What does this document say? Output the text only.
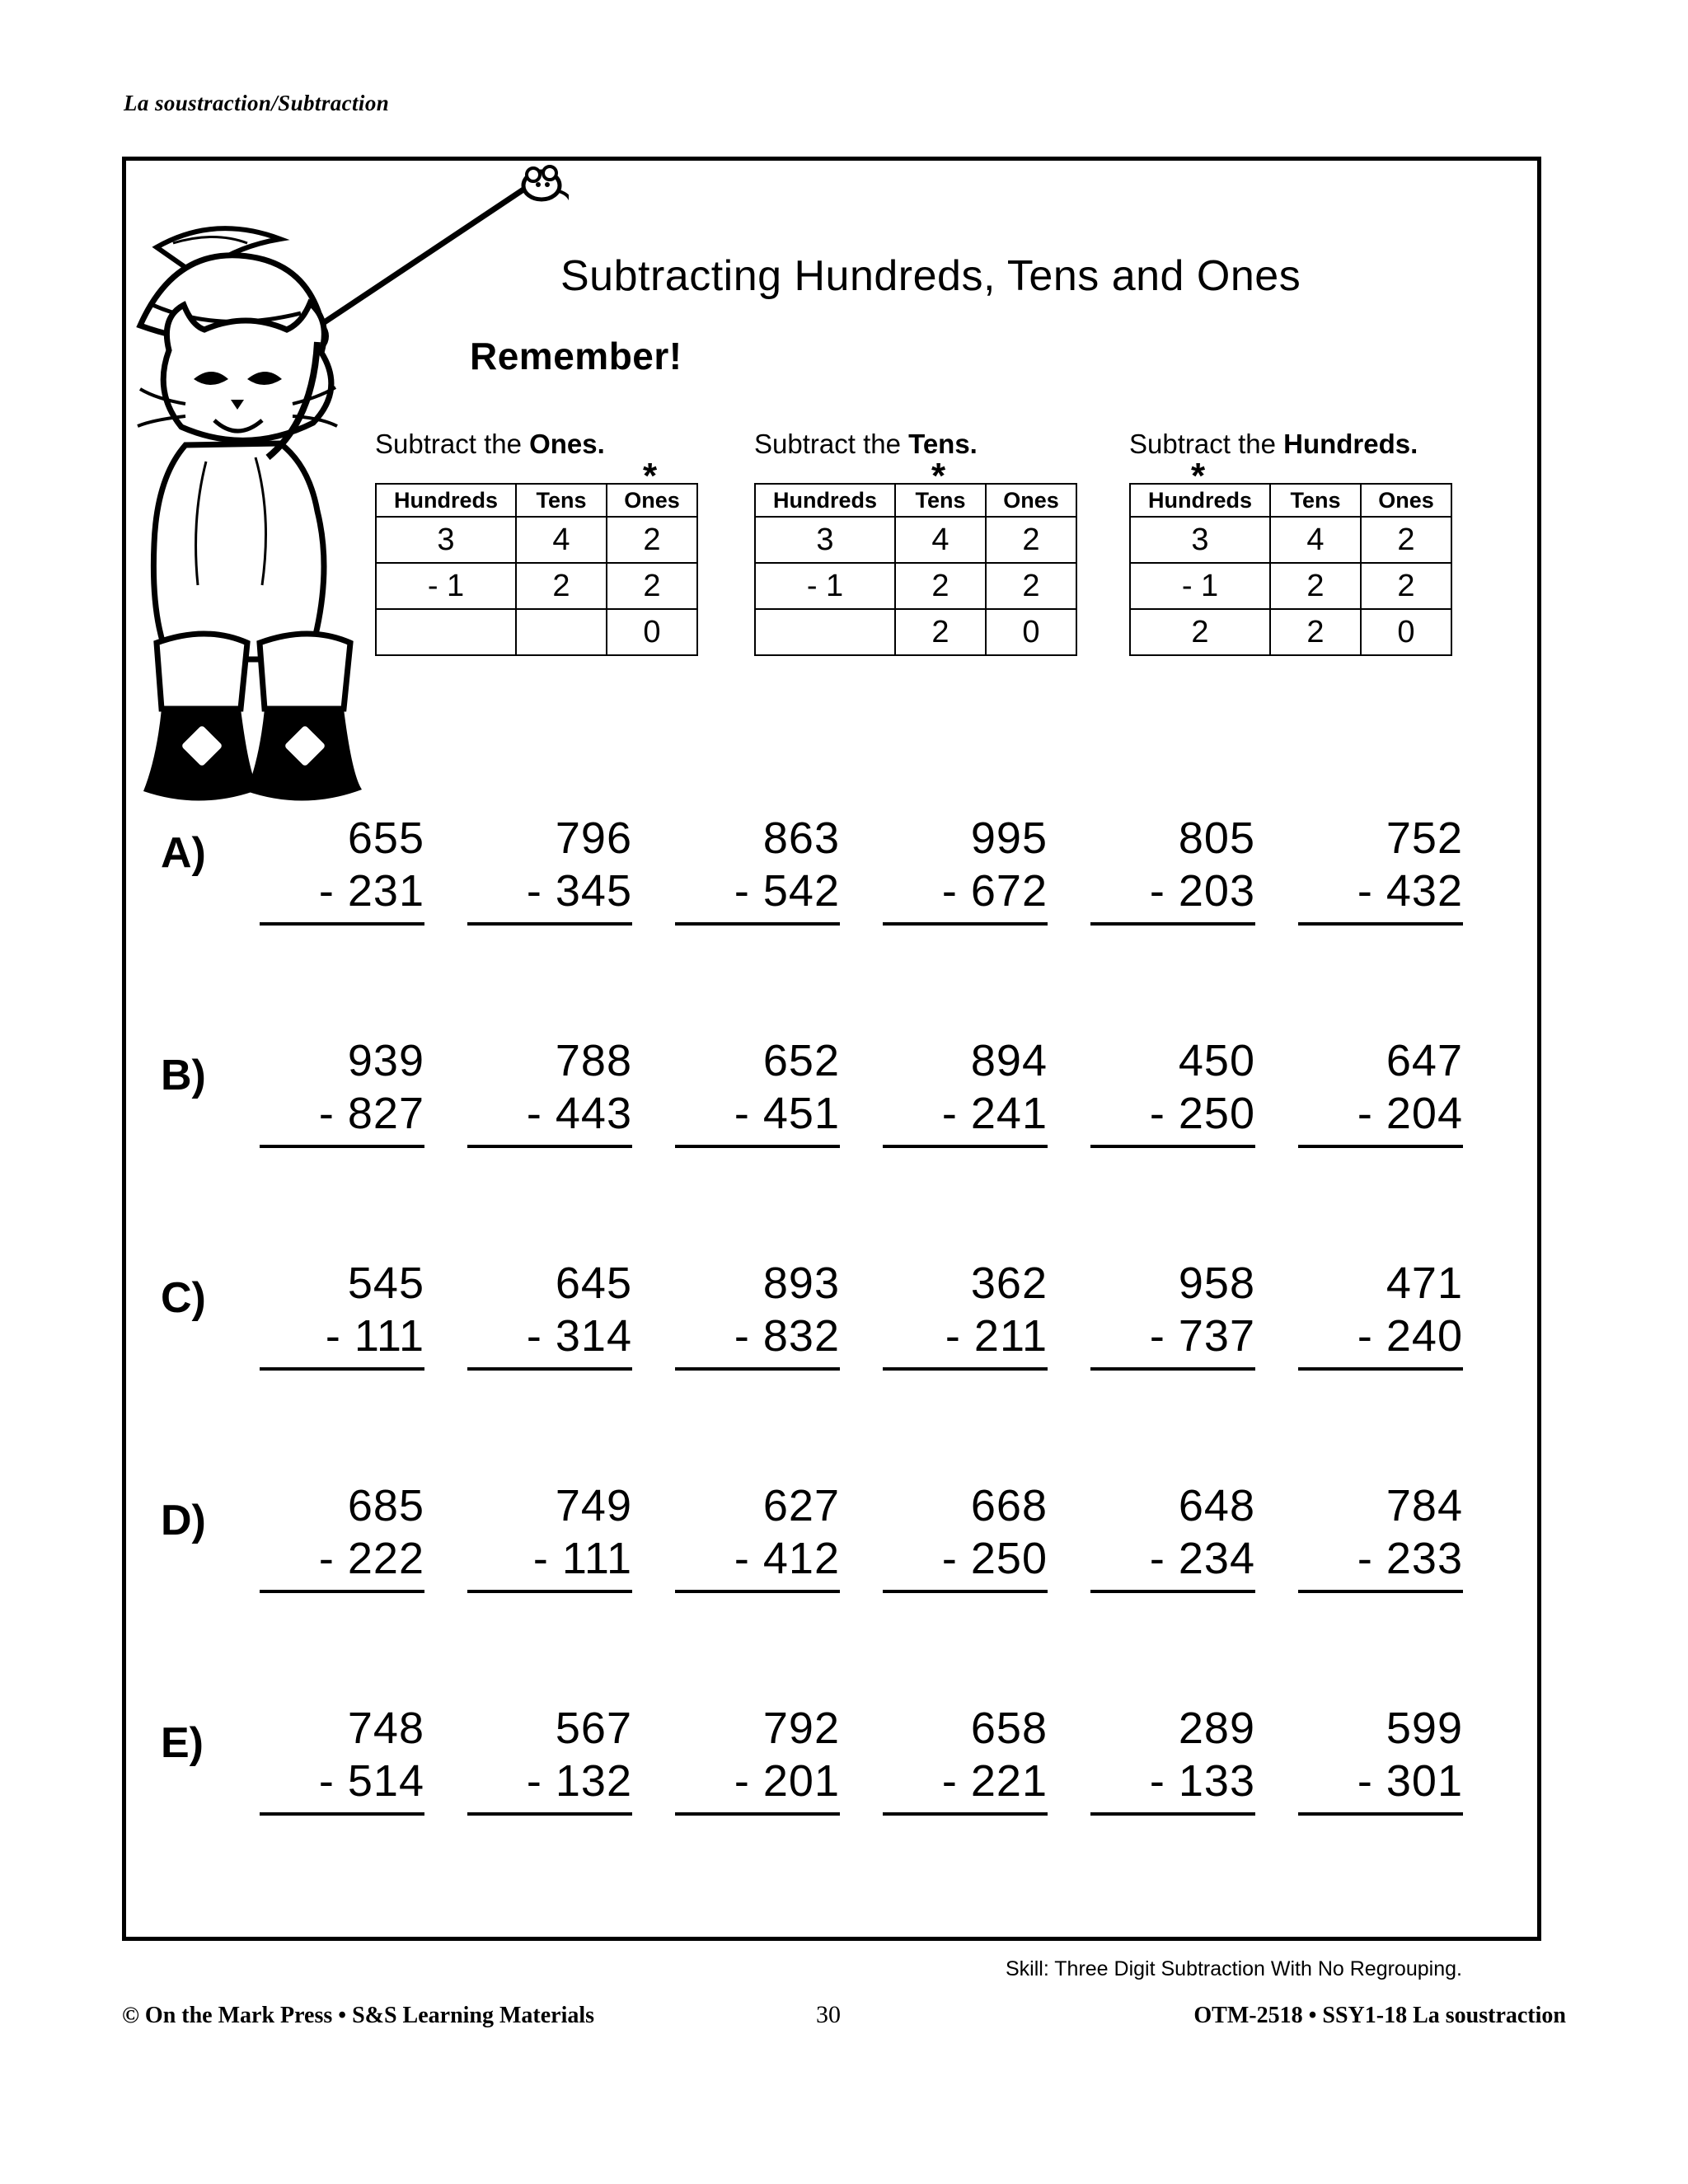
La soustraction/Subtraction
Subtracting Hundreds, Tens and Ones
Remember!
Subtract the Ones.
*
Hundreds	Tens	Ones
3	4	2
- 1	2	2
		0
Subtract the Tens.
*
Hundreds	Tens	Ones
3	4	2
- 1	2	2
	2	0
Subtract the Hundreds.
*
Hundreds	Tens	Ones
3	4	2
- 1	2	2
2	2	0
A)	655
- 231
796
- 345
863
- 542
995
- 672
805
- 203
752
- 432
B)	939
- 827
788
- 443
652
- 451
894
- 241
450
- 250
647
- 204
C)	545
- 111
645
- 314
893
- 832
362
- 211
958
- 737
471
- 240
D)	685
- 222
749
- 111
627
- 412
668
- 250
648
- 234
784
- 233
E)	748
- 514
567
- 132
792
- 201
658
- 221
289
- 133
599
- 301
Skill: Three Digit Subtraction With No Regrouping.
© On the Mark Press • S&S Learning Materials	30	OTM-2518 • SSY1-18 La soustraction
